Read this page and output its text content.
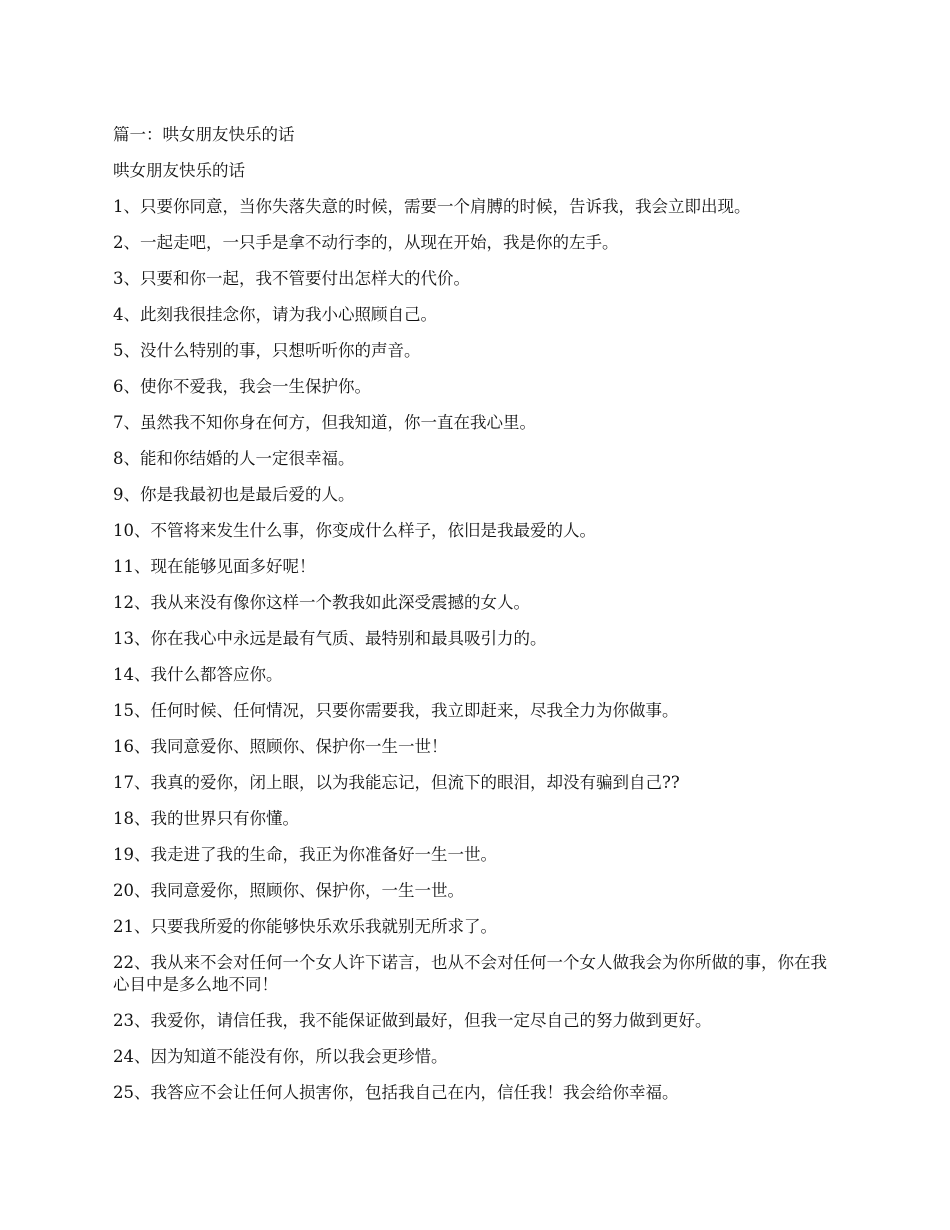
篇一：哄女朋友快乐的话
哄女朋友快乐的话
1 、 只要你同意，当你失落失意的时候，需要一个肩膊的时候，告诉我，我会立即出现。
2 、 一起走吧，一只手是拿不动行李的，从现在开始，我是你的左手。
3 、 只要和你一起，我不管要付出怎样大的代价。
4 、 此刻我很挂念你，请为我小心照顾自己。
5 、 没什么特别的事，只想听听你的声音。
6 、 使你不爱我，我会一生保护你。
7 、 虽然我不知你身在何方，但我知道，你一直在我心里。
8 、 能和你结婚的人一定很幸福。
9 、 你是我最初也是最后爱的人。
10 、 不管将来发生什么事，你变成什么样子，依旧是我最爱的人。
11 、 现在能够见面多好呢！
12 、 我从来没有像你这样一个教我如此深受震撼的女人。
13 、 你在我心中永远是最有气质、最特别和最具吸引力的。
14 、 我什么都答应你。
15 、 任何时候、任何情况，只要你需要我，我立即赶来，尽我全力为你做事。
16 、 我同意爱你、照顾你、保护你一生一世！
17 、 我真的爱你，闭上眼，以为我能忘记，但流下的眼泪，却没有骗到自己??
18 、 我的世界只有你懂。
19 、 我走进了我的生命，我正为你准备好一生一世。
20 、 我同意爱你，照顾你、保护你，一生一世。
21 、 只要我所爱的你能够快乐欢乐我就别无所求了。
22、我从来不会对任何一个女人许下诺言，也从不会对任何一个女人做我会为你所做的事，你在我心目中是多么地不同！
23 、 我爱你，请信任我，我不能保证做到最好，但我一定尽自己的努力做到更好。
24 、 因为知道不能没有你，所以我会更珍惜。
25 、 我答应不会让任何人损害你，包括我自己在内，信任我！我会给你幸福。
